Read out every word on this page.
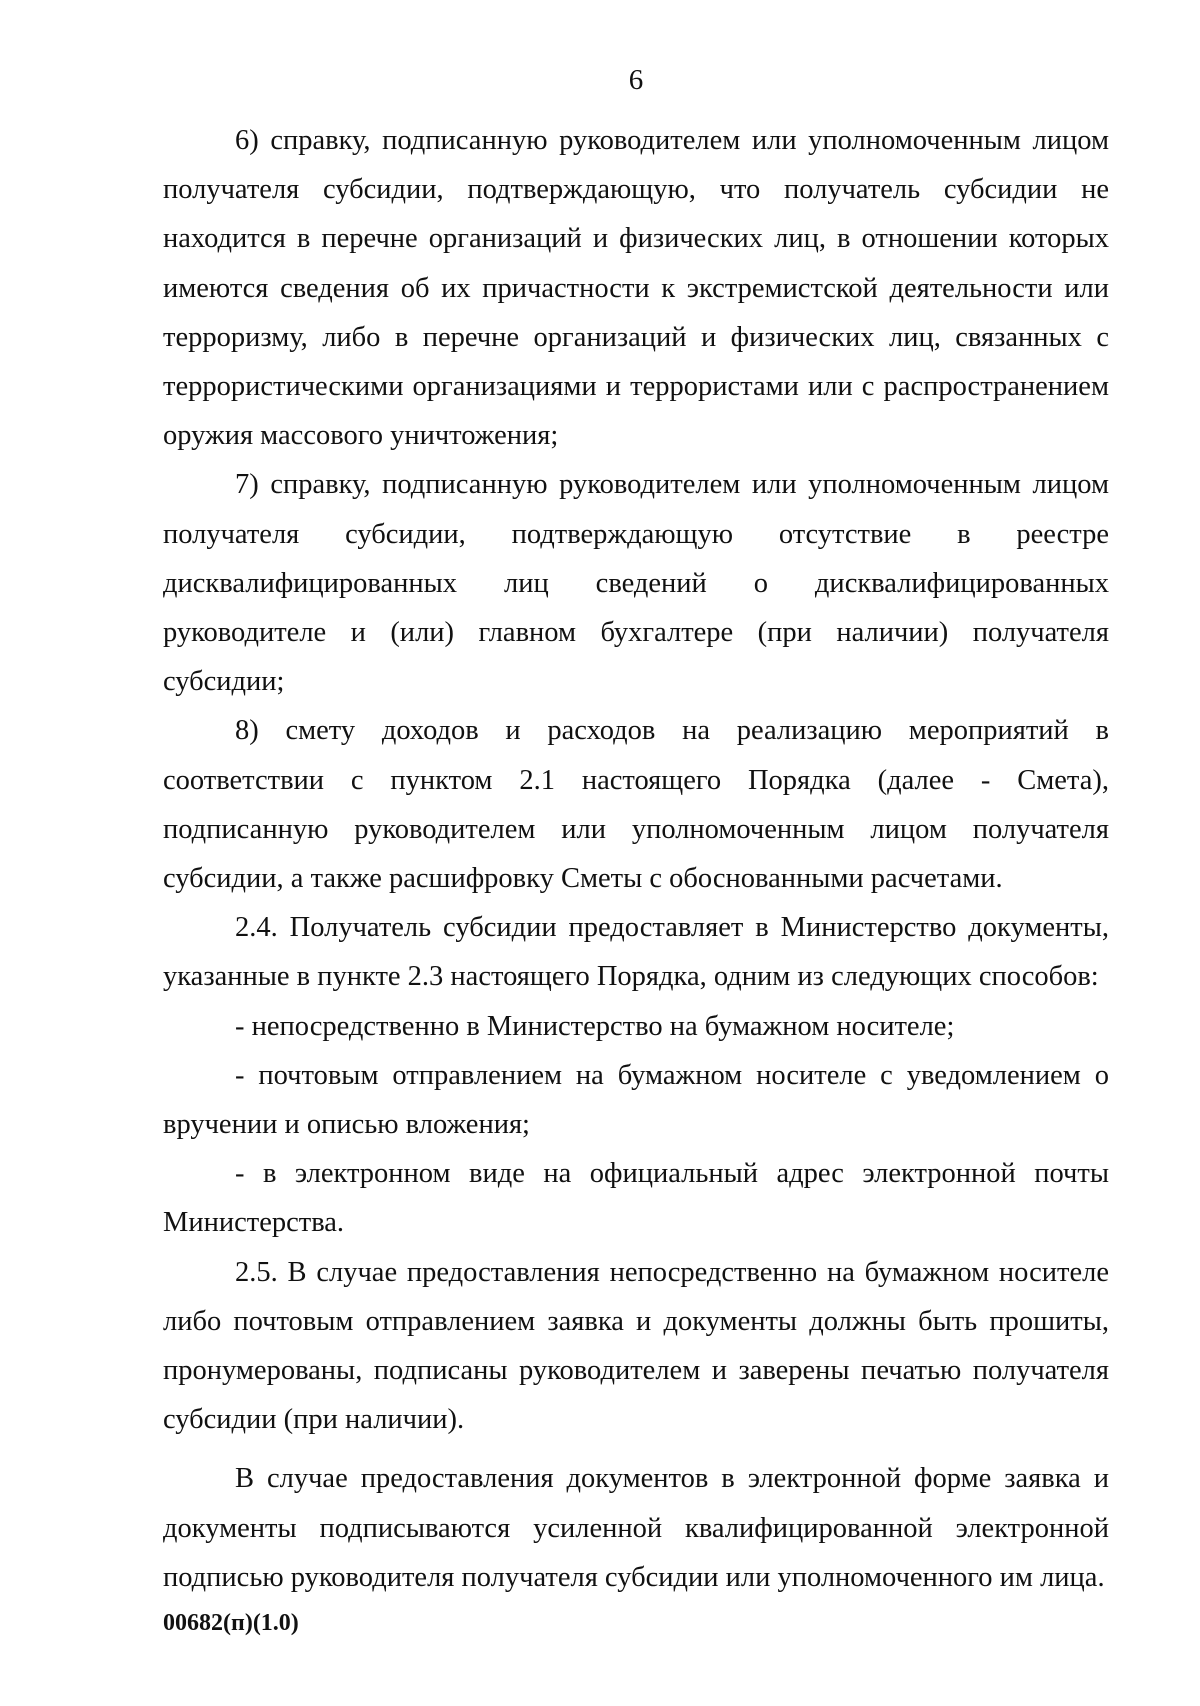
6

6) справку, подписанную руководителем или уполномоченным лицом получателя субсидии, подтверждающую, что получатель субсидии не находится в перечне организаций и физических лиц, в отношении которых имеются сведения об их причастности к экстремистской деятельности или терроризму, либо в перечне организаций и физических лиц, связанных с террористическими организациями и террористами или с распространением оружия массового уничтожения;

7) справку, подписанную руководителем или уполномоченным лицом получателя субсидии, подтверждающую отсутствие в реестре дисквалифицированных лиц сведений о дисквалифицированных руководителе и (или) главном бухгалтере (при наличии) получателя субсидии;

8) смету доходов и расходов на реализацию мероприятий в соответствии с пунктом 2.1 настоящего Порядка (далее - Смета), подписанную руководителем или уполномоченным лицом получателя субсидии, а также расшифровку Сметы с обоснованными расчетами.

2.4. Получатель субсидии предоставляет в Министерство документы, указанные в пункте 2.3 настоящего Порядка, одним из следующих способов:

- непосредственно в Министерство на бумажном носителе;

- почтовым отправлением на бумажном носителе с уведомлением о вручении и описью вложения;

- в электронном виде на официальный адрес электронной почты Министерства.

2.5. В случае предоставления непосредственно на бумажном носителе либо почтовым отправлением заявка и документы должны быть прошиты, пронумерованы, подписаны руководителем и заверены печатью получателя субсидии (при наличии).

В случае предоставления документов в электронной форме заявка и документы подписываются усиленной квалифицированной электронной подписью руководителя получателя субсидии или уполномоченного им лица.

00682(п)(1.0)
